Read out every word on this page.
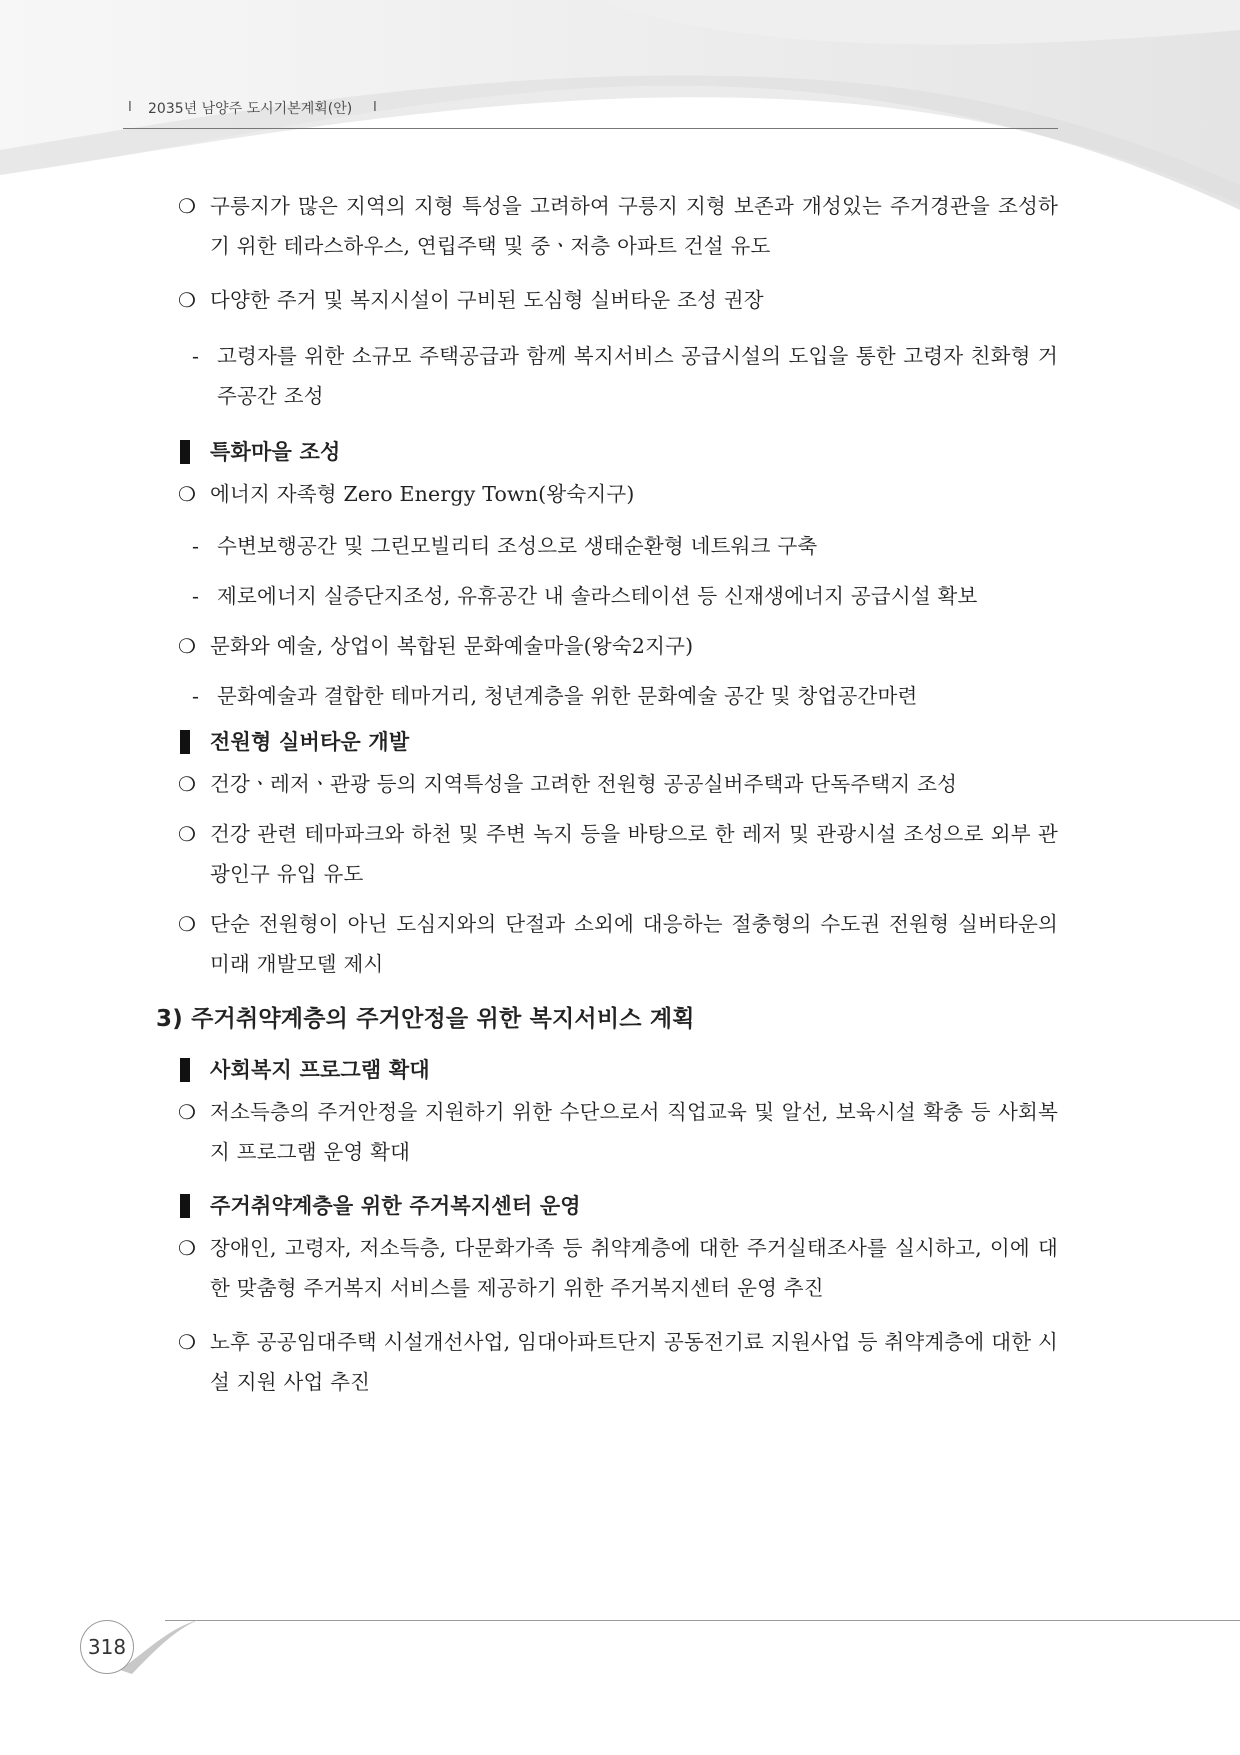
I 2035년 남양주 도시기본계획(안) I
❍ 구릉지가 많은 지역의 지형 특성을 고려하여 구릉지 지형 보존과 개성있는 주거경관을 조성하기 위한 테라스하우스, 연립주택 및 중ㆍ저층 아파트 건설 유도
❍ 다양한 주거 및 복지시설이 구비된 도심형 실버타운 조성 권장
- 고령자를 위한 소규모 주택공급과 함께 복지서비스 공급시설의 도입을 통한 고령자 친화형 거주공간 조성
특화마을 조성
❍ 에너지 자족형 Zero Energy Town(왕숙지구)
- 수변보행공간 및 그린모빌리티 조성으로 생태순환형 네트워크 구축
- 제로에너지 실증단지조성, 유휴공간 내 솔라스테이션 등 신재생에너지 공급시설 확보
❍ 문화와 예술, 상업이 복합된 문화예술마을(왕숙2지구)
- 문화예술과 결합한 테마거리, 청년계층을 위한 문화예술 공간 및 창업공간마련
전원형 실버타운 개발
❍ 건강ㆍ레저ㆍ관광 등의 지역특성을 고려한 전원형 공공실버주택과 단독주택지 조성
❍ 건강 관련 테마파크와 하천 및 주변 녹지 등을 바탕으로 한 레저 및 관광시설 조성으로 외부 관광인구 유입 유도
❍ 단순 전원형이 아닌 도심지와의 단절과 소외에 대응하는 절충형의 수도권 전원형 실버타운의 미래 개발모델 제시
3) 주거취약계층의 주거안정을 위한 복지서비스 계획
사회복지 프로그램 확대
❍ 저소득층의 주거안정을 지원하기 위한 수단으로서 직업교육 및 알선, 보육시설 확충 등 사회복지 프로그램 운영 확대
주거취약계층을 위한 주거복지센터 운영
❍ 장애인, 고령자, 저소득층, 다문화가족 등 취약계층에 대한 주거실태조사를 실시하고, 이에 대한 맞춤형 주거복지 서비스를 제공하기 위한 주거복지센터 운영 추진
❍ 노후 공공임대주택 시설개선사업, 임대아파트단지 공동전기료 지원사업 등 취약계층에 대한 시설 지원 사업 추진
318
